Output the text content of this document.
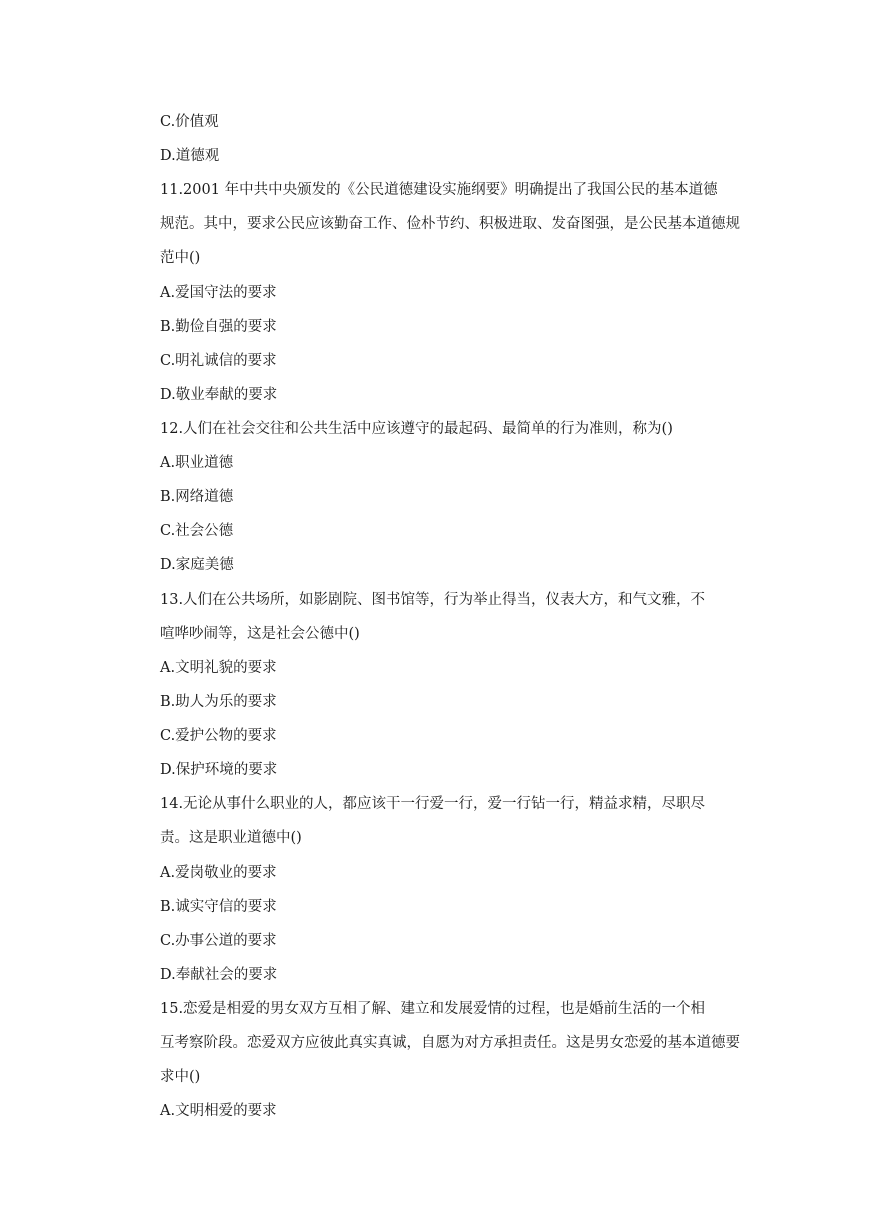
C.价值观
D.道德观
11.2001 年中共中央颁发的《公民道德建设实施纲要》明确提出了我国公民的基本道德
规范。其中，要求公民应该勤奋工作、俭朴节约、积极进取、发奋图强，是公民基本道德规
范中()
A.爱国守法的要求
B.勤俭自强的要求
C.明礼诚信的要求
D.敬业奉献的要求
12.人们在社会交往和公共生活中应该遵守的最起码、最简单的行为准则，称为()
A.职业道德
B.网络道德
C.社会公德
D.家庭美德
13.人们在公共场所，如影剧院、图书馆等，行为举止得当，仪表大方，和气文雅，不
喧哗吵闹等，这是社会公德中()
A.文明礼貌的要求
B.助人为乐的要求
C.爱护公物的要求
D.保护环境的要求
14.无论从事什么职业的人，都应该干一行爱一行，爱一行钻一行，精益求精，尽职尽
责。这是职业道德中()
A.爱岗敬业的要求
B.诚实守信的要求
C.办事公道的要求
D.奉献社会的要求
15.恋爱是相爱的男女双方互相了解、建立和发展爱情的过程，也是婚前生活的一个相
互考察阶段。恋爱双方应彼此真实真诚，自愿为对方承担责任。这是男女恋爱的基本道德要
求中()
A.文明相爱的要求
